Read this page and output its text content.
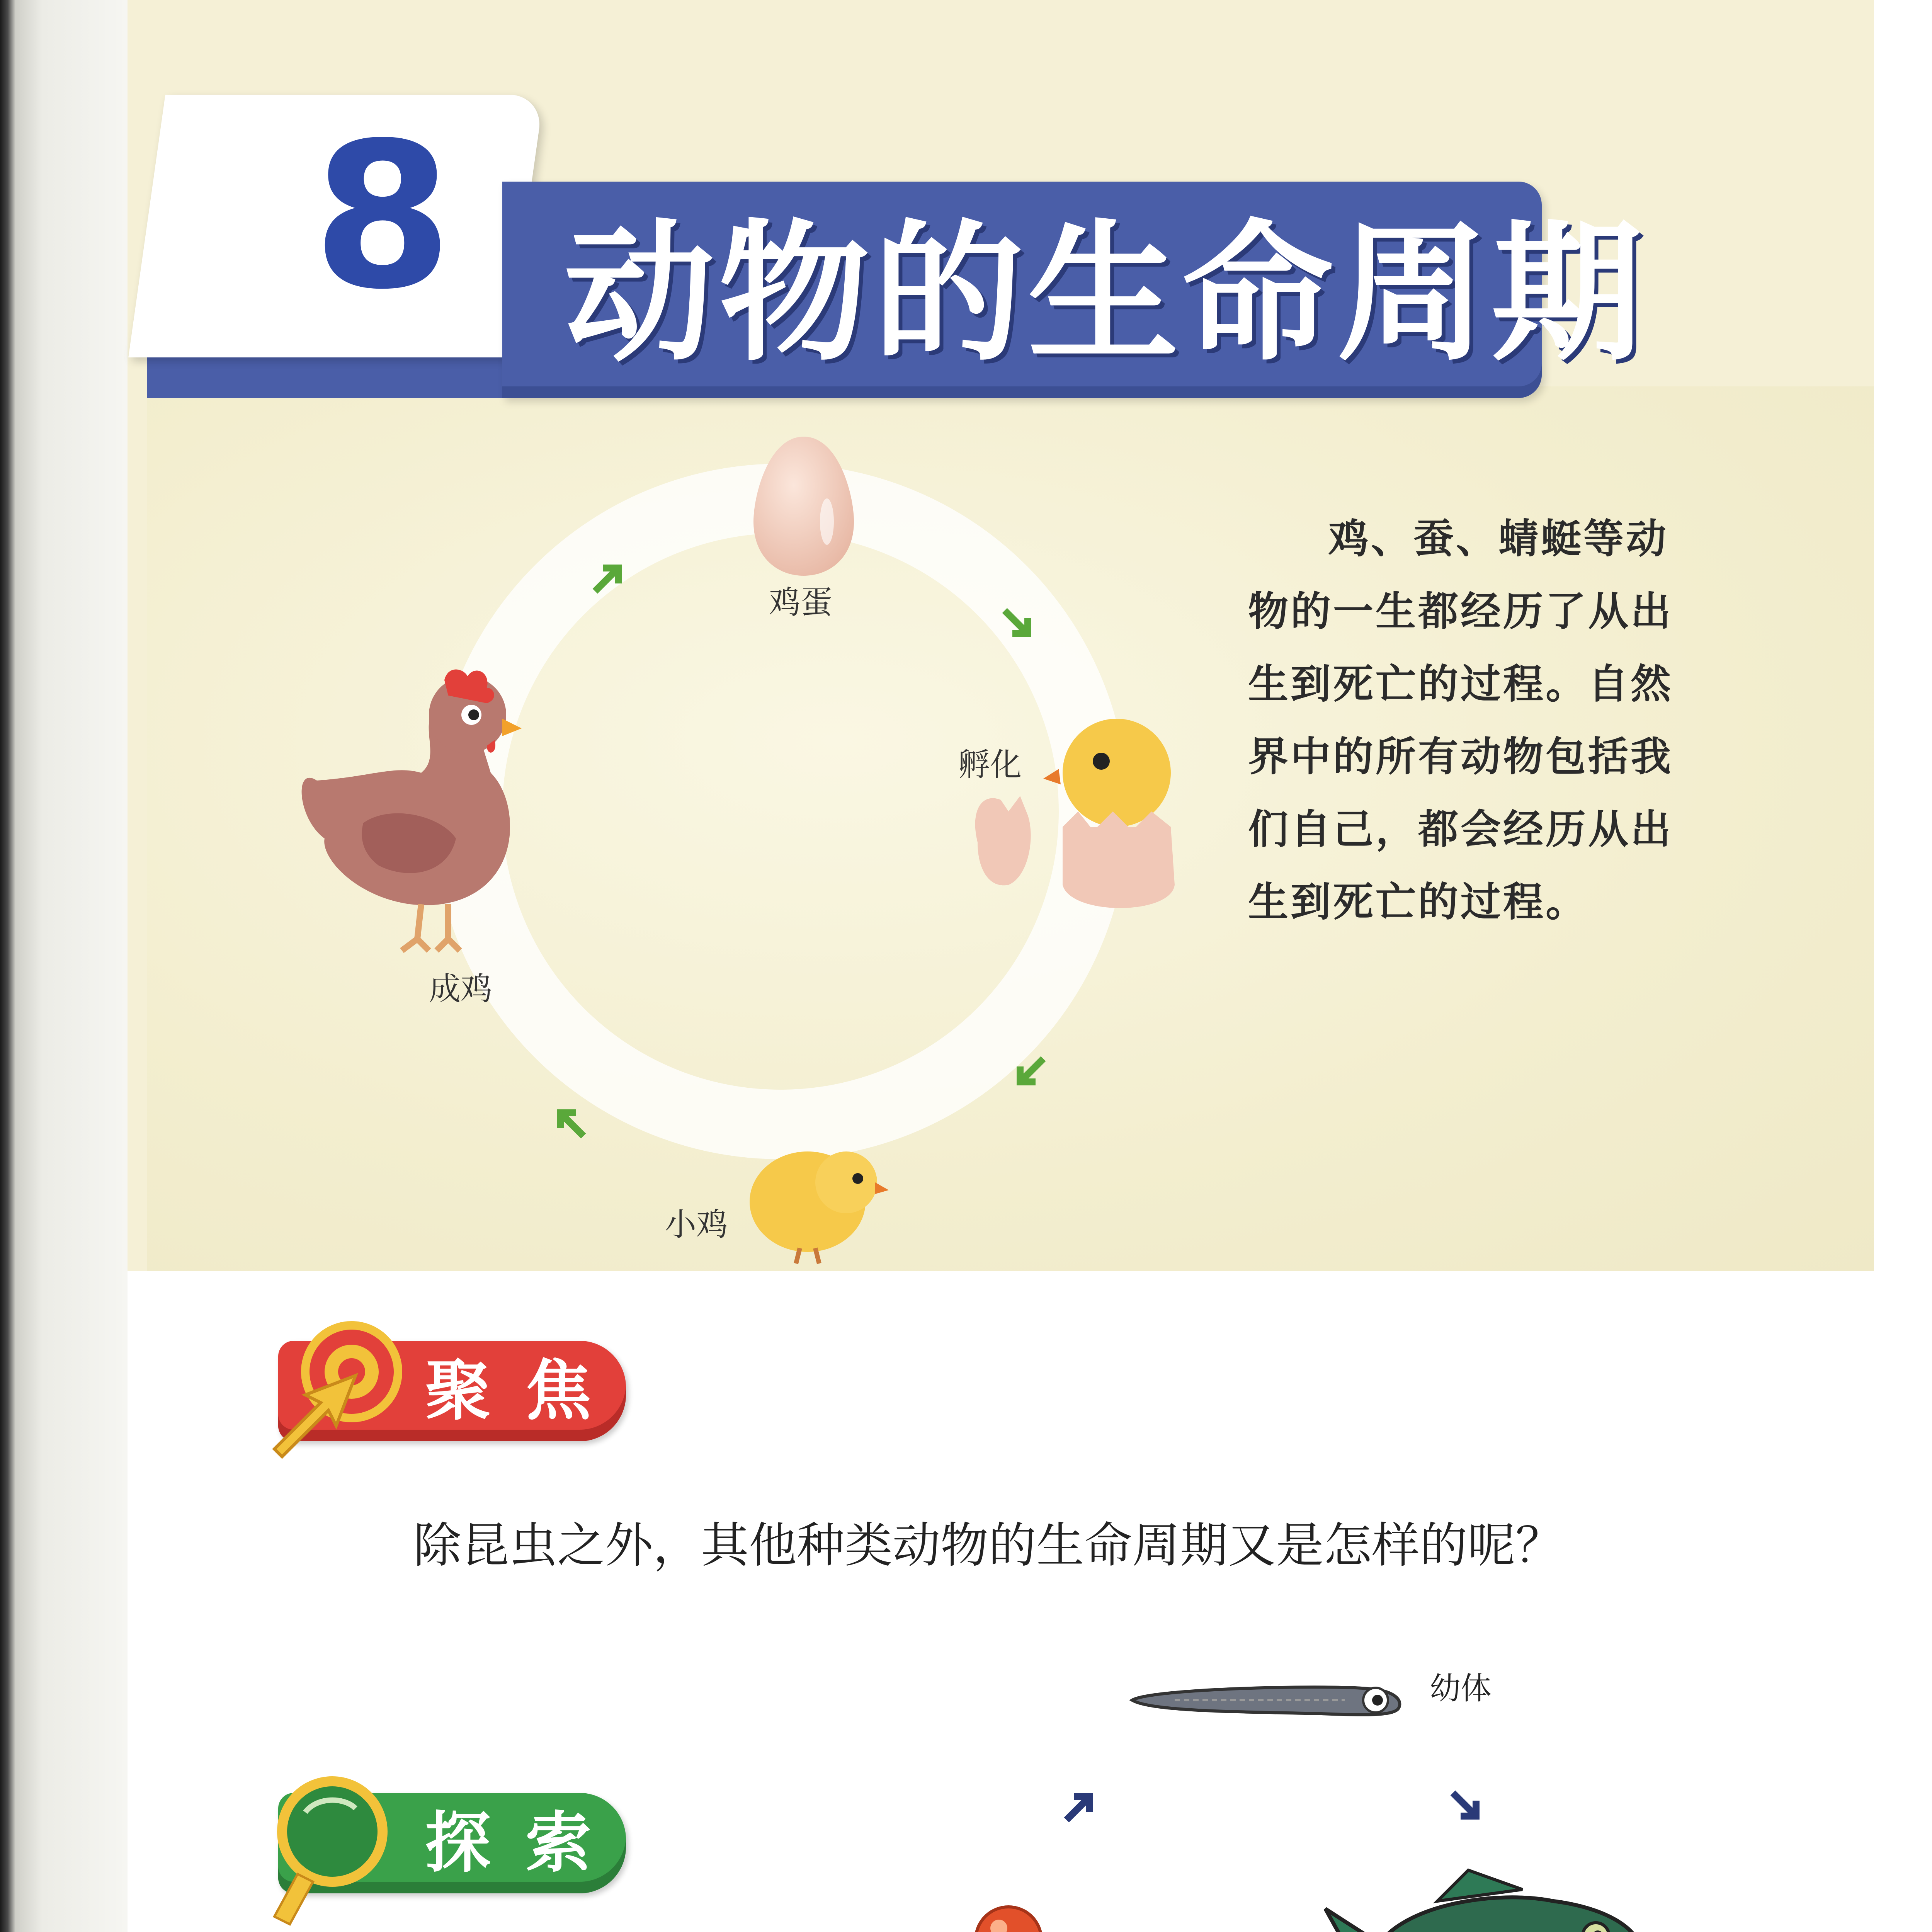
8 动物的生命周期
鸡蛋
孵化
小鸡
成鸡
鸡、蚕、蜻蜓等动
物的一生都经历了从出
生到死亡的过程。自然
界中的所有动物包括我
们自己，都会经历从出
生到死亡的过程。
聚焦
除昆虫之外，其他种类动物的生命周期又是怎样的呢？
探索
幼体
